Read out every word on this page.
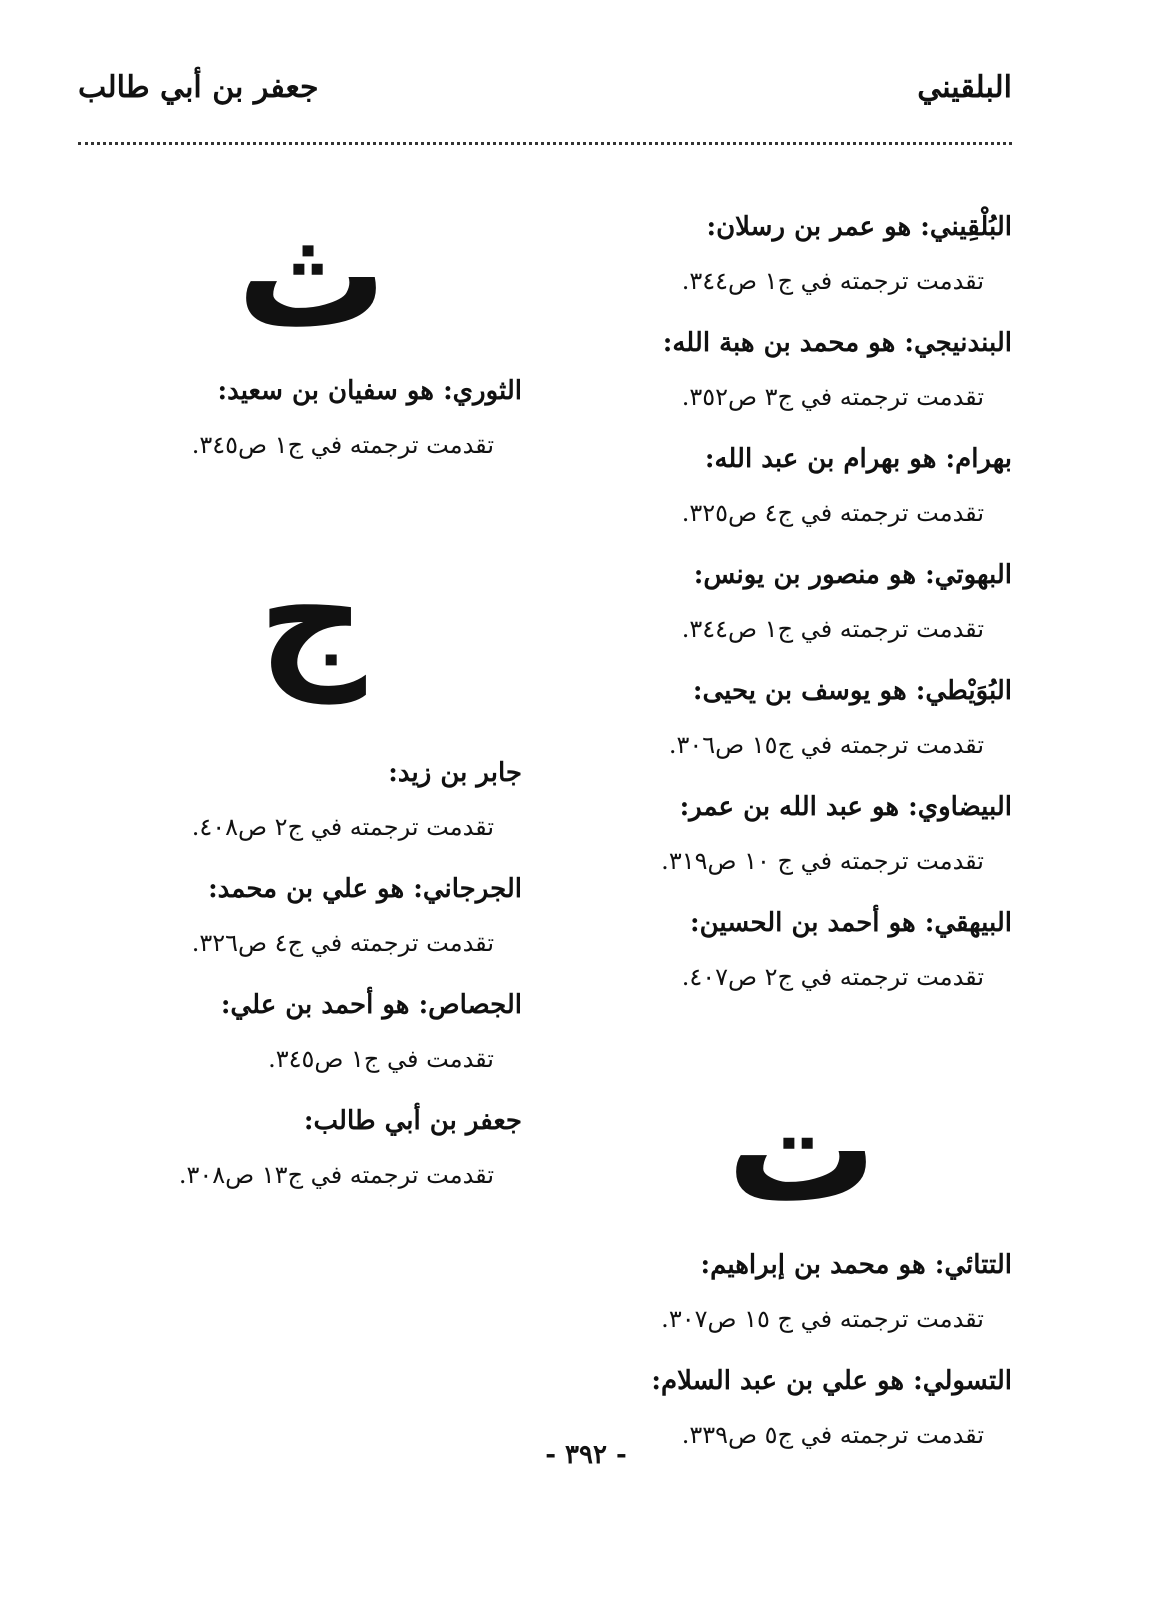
البلقيني
جعفر بن أبي طالب
البُلْقِيني: هو عمر بن رسلان:
تقدمت ترجمته في ج١ ص٣٤٤.
البندنيجي: هو محمد بن هبة الله:
تقدمت ترجمته في ج٣ ص٣٥٢.
بهرام: هو بهرام بن عبد الله:
تقدمت ترجمته في ج٤ ص٣٢٥.
البهوتي: هو منصور بن يونس:
تقدمت ترجمته في ج١ ص٣٤٤.
البُوَيْطي: هو يوسف بن يحيى:
تقدمت ترجمته في ج١٥ ص٣٠٦.
البيضاوي: هو عبد الله بن عمر:
تقدمت ترجمته في ج ١٠ ص٣١٩.
البيهقي: هو أحمد بن الحسين:
تقدمت ترجمته في ج٢ ص٤٠٧.
ت
التتائي: هو محمد بن إبراهيم:
تقدمت ترجمته في ج ١٥ ص٣٠٧.
التسولي: هو علي بن عبد السلام:
تقدمت ترجمته في ج٥ ص٣٣٩.
ث
الثوري: هو سفيان بن سعيد:
تقدمت ترجمته في ج١ ص٣٤٥.
ج
جابر بن زيد:
تقدمت ترجمته في ج٢ ص٤٠٨.
الجرجاني: هو علي بن محمد:
تقدمت ترجمته في ج٤ ص٣٢٦.
الجصاص: هو أحمد بن علي:
تقدمت في ج١ ص٣٤٥.
جعفر بن أبي طالب:
تقدمت ترجمته في ج١٣ ص٣٠٨.
- ٣٩٢ -
